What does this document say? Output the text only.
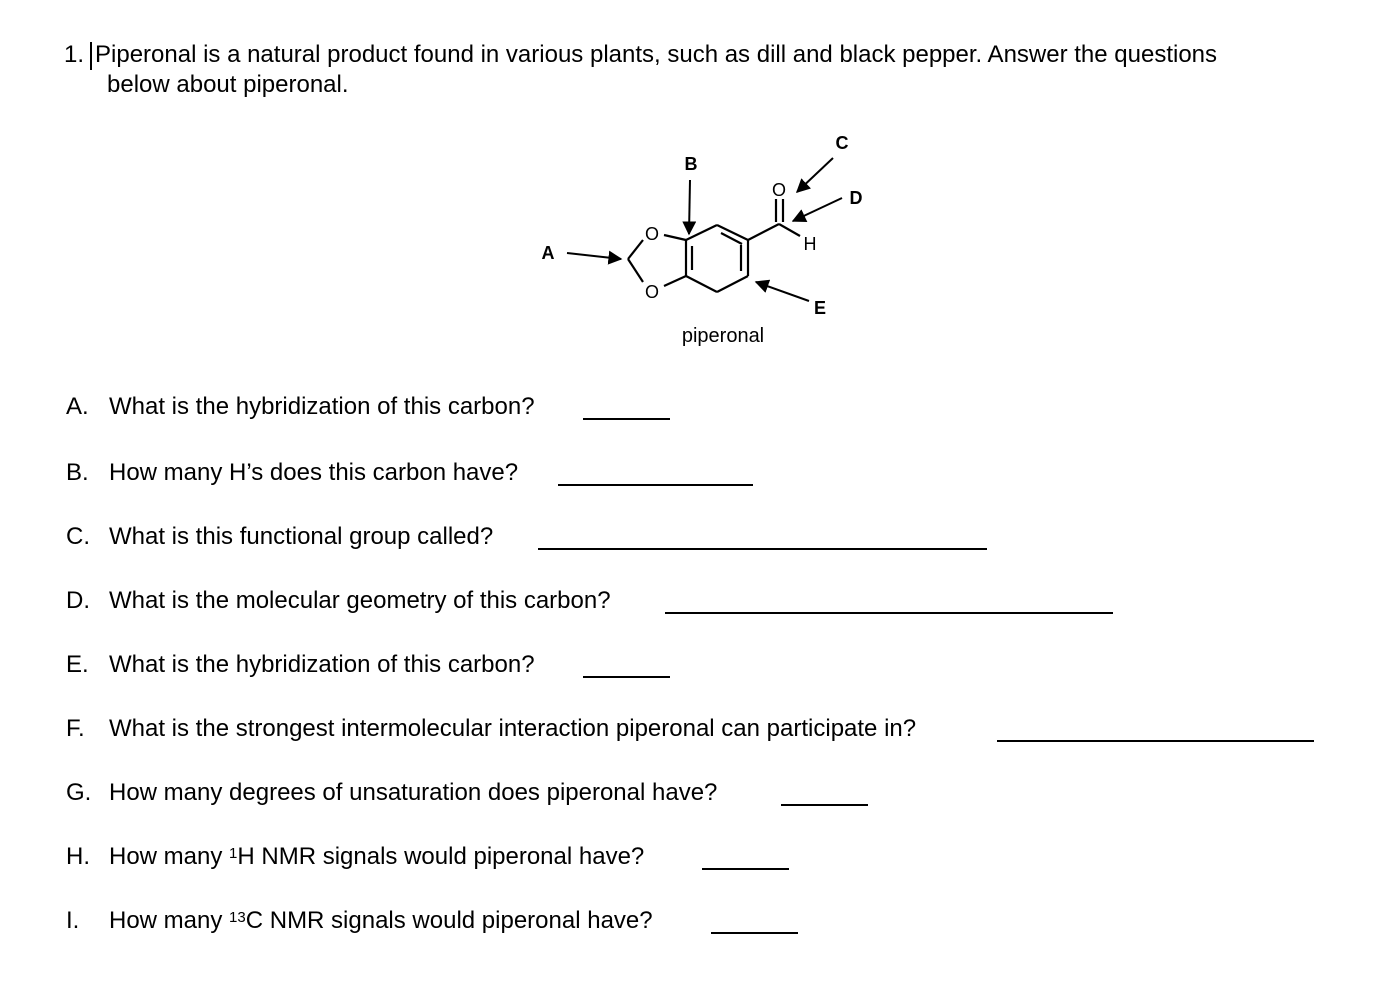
1. Piperonal is a natural product found in various plants, such as dill and black pepper. Answer the questions
below about piperonal.
O
O
O
H
A
B
C
D
E
piperonal
A. What is the hybridization of this carbon?
B. How many H’s does this carbon have?
C. What is this functional group called?
D. What is the molecular geometry of this carbon?
E. What is the hybridization of this carbon?
F. What is the strongest intermolecular interaction piperonal can participate in?
G. How many degrees of unsaturation does piperonal have?
H. How many $^1$H NMR signals would piperonal have?
I. How many $^{13}$C NMR signals would piperonal have?
